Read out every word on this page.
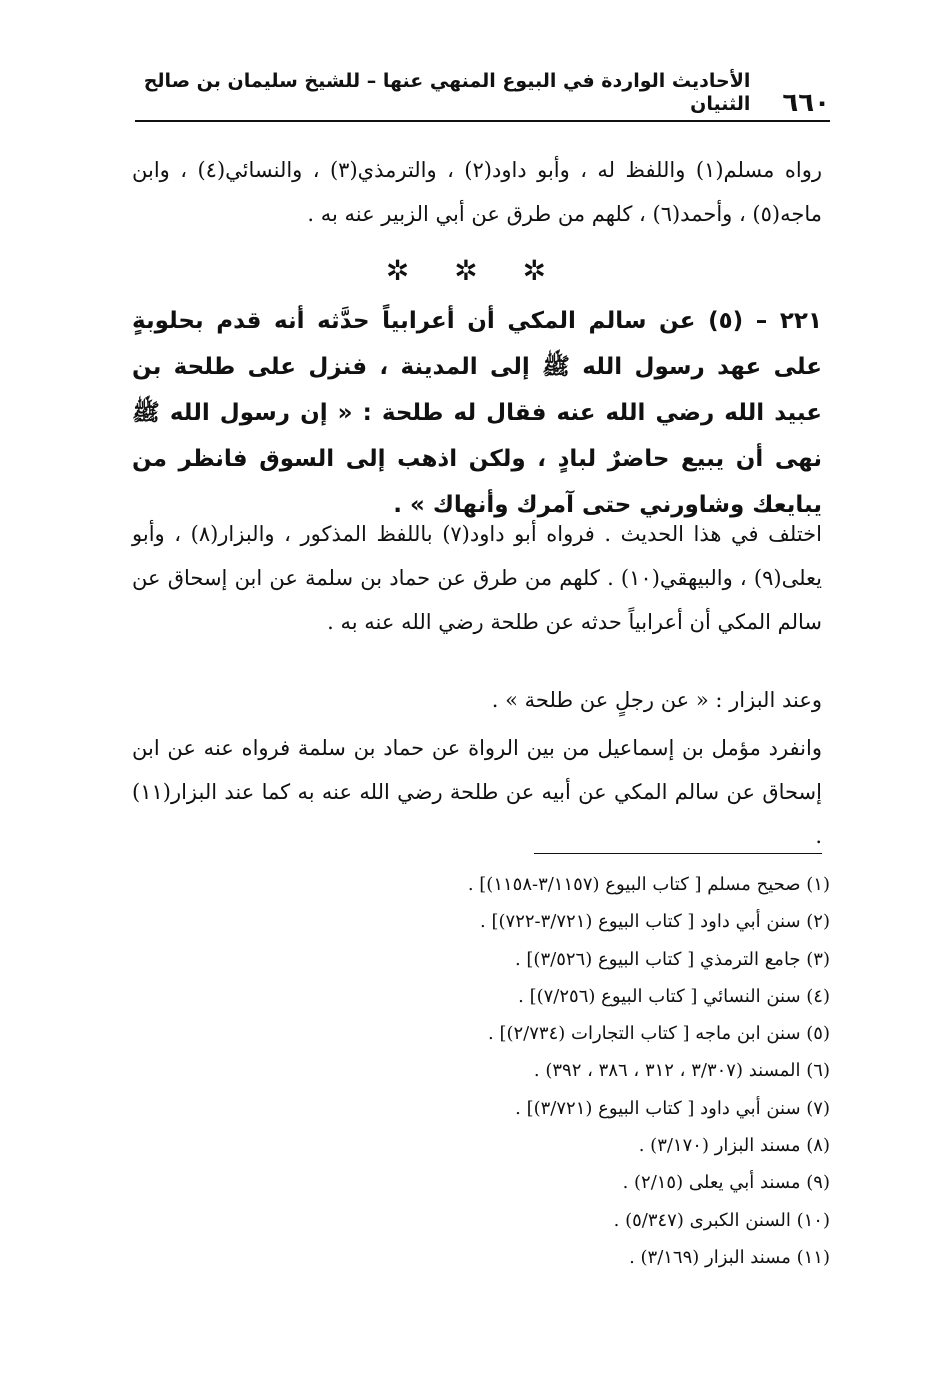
٦٦٠
الأحاديث الواردة في البيوع المنهي عنها – للشيخ سليمان بن صالح الثنيان
رواه مسلم(١) واللفظ له ، وأبو داود(٢) ، والترمذي(٣) ، والنسائي(٤) ، وابن ماجه(٥) ، وأحمد(٦) ، كلهم من طرق عن أبي الزبير عنه به .
✲ ✲ ✲
٢٢١ – (٥) عن سالم المكي أن أعرابياً حدَّثه أنه قدم بحلوبةٍ على عهد رسول الله ﷺ إلى المدينة ، فنزل على طلحة بن عبيد الله رضي الله عنه فقال له طلحة : « إن رسول الله ﷺ نهى أن يبيع حاضرٌ لبادٍ ، ولكن اذهب إلى السوق فانظر من يبايعك وشاورني حتى آمرك وأنهاك » .
اختلف في هذا الحديث . فرواه أبو داود(٧) باللفظ المذكور ، والبزار(٨) ، وأبو يعلى(٩) ، والبيهقي(١٠) . كلهم من طرق عن حماد بن سلمة عن ابن إسحاق عن سالم المكي أن أعرابياً حدثه عن طلحة رضي الله عنه به .
وعند البزار : « عن رجلٍ عن طلحة » .
وانفرد مؤمل بن إسماعيل من بين الرواة عن حماد بن سلمة فرواه عنه عن ابن إسحاق عن سالم المكي عن أبيه عن طلحة رضي الله عنه به كما عند البزار(١١) .
(١) صحيح مسلم [ كتاب البيوع (٣/١١٥٧-١١٥٨)] .
(٢) سنن أبي داود [ كتاب البيوع (٣/٧٢١-٧٢٢)] .
(٣) جامع الترمذي [ كتاب البيوع (٣/٥٢٦)] .
(٤) سنن النسائي [ كتاب البيوع (٧/٢٥٦)] .
(٥) سنن ابن ماجه [ كتاب التجارات (٢/٧٣٤)] .
(٦) المسند (٣/٣٠٧ ، ٣١٢ ، ٣٨٦ ، ٣٩٢) .
(٧) سنن أبي داود [ كتاب البيوع (٣/٧٢١)] .
(٨) مسند البزار (٣/١٧٠) .
(٩) مسند أبي يعلى (٢/١٥) .
(١٠) السنن الكبرى (٥/٣٤٧) .
(١١) مسند البزار (٣/١٦٩) .
